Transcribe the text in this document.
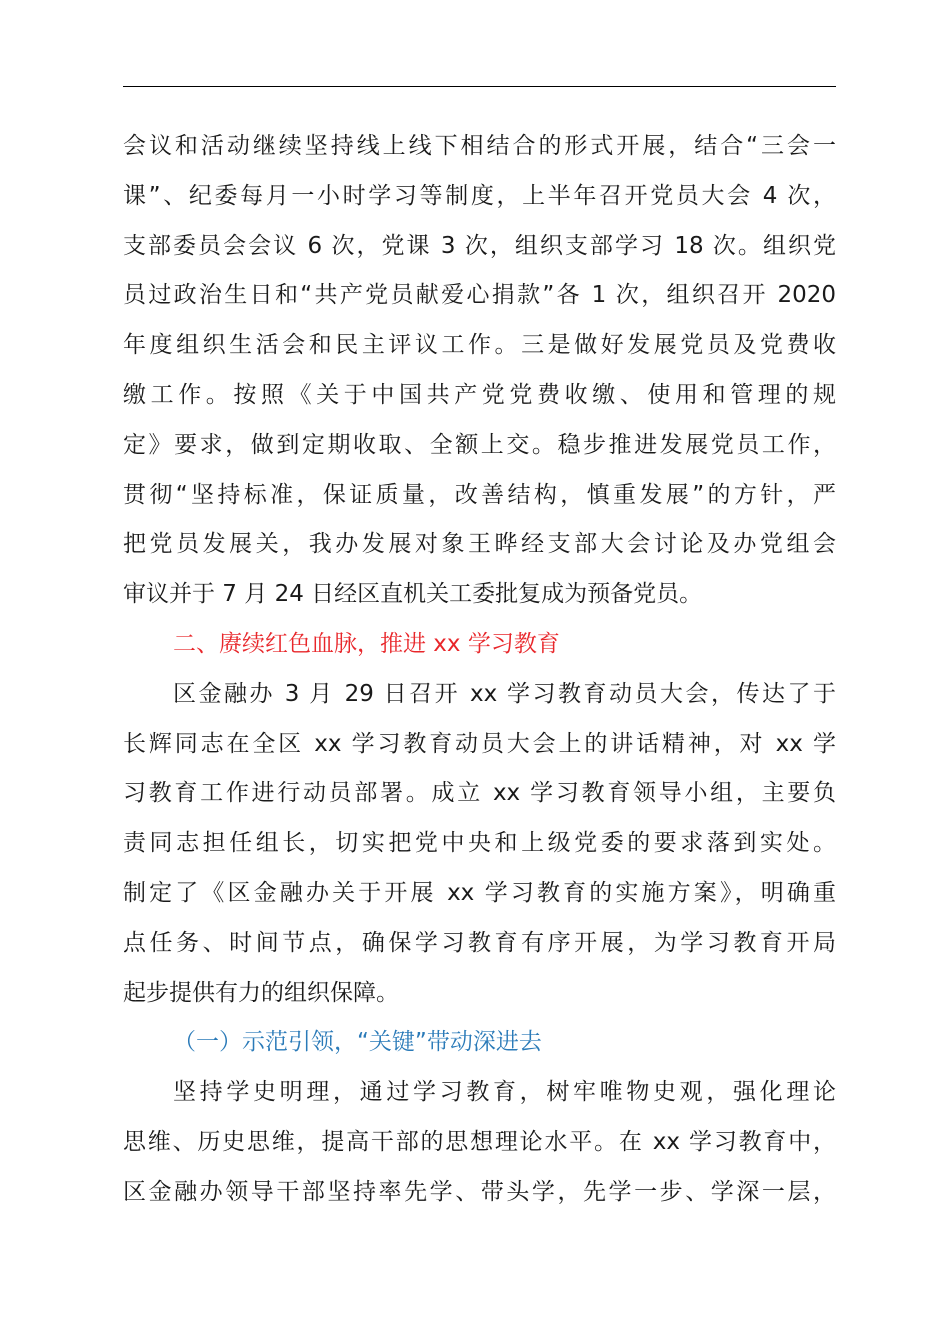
会议和活动继续坚持线上线下相结合的形式开展，结合“三会一
课”、纪委每月一小时学习等制度，上半年召开党员大会 4 次，
支部委员会会议 6 次，党课 3 次，组织支部学习 18 次。组织党
员过政治生日和“共产党员献爱心捐款”各 1 次，组织召开 2020
年度组织生活会和民主评议工作。三是做好发展党员及党费收
缴工作。按照《关于中国共产党党费收缴、使用和管理的规
定》要求，做到定期收取、全额上交。稳步推进发展党员工作，
贯彻“坚持标准，保证质量，改善结构，慎重发展”的方针，严
把党员发展关，我办发展对象王晔经支部大会讨论及办党组会
审议并于 7 月 24 日经区直机关工委批复成为预备党员。
二、赓续红色血脉，推进 xx 学习教育
区金融办 3 月 29 日召开 xx 学习教育动员大会，传达了于
长辉同志在全区 xx 学习教育动员大会上的讲话精神，对 xx 学
习教育工作进行动员部署。成立 xx 学习教育领导小组，主要负
责同志担任组长，切实把党中央和上级党委的要求落到实处。
制定了《区金融办关于开展 xx 学习教育的实施方案》，明确重
点任务、时间节点，确保学习教育有序开展，为学习教育开局
起步提供有力的组织保障。
（一）示范引领，“关键”带动深进去
坚持学史明理，通过学习教育，树牢唯物史观，强化理论
思维、历史思维，提高干部的思想理论水平。在 xx 学习教育中，
区金融办领导干部坚持率先学、带头学，先学一步、学深一层，
